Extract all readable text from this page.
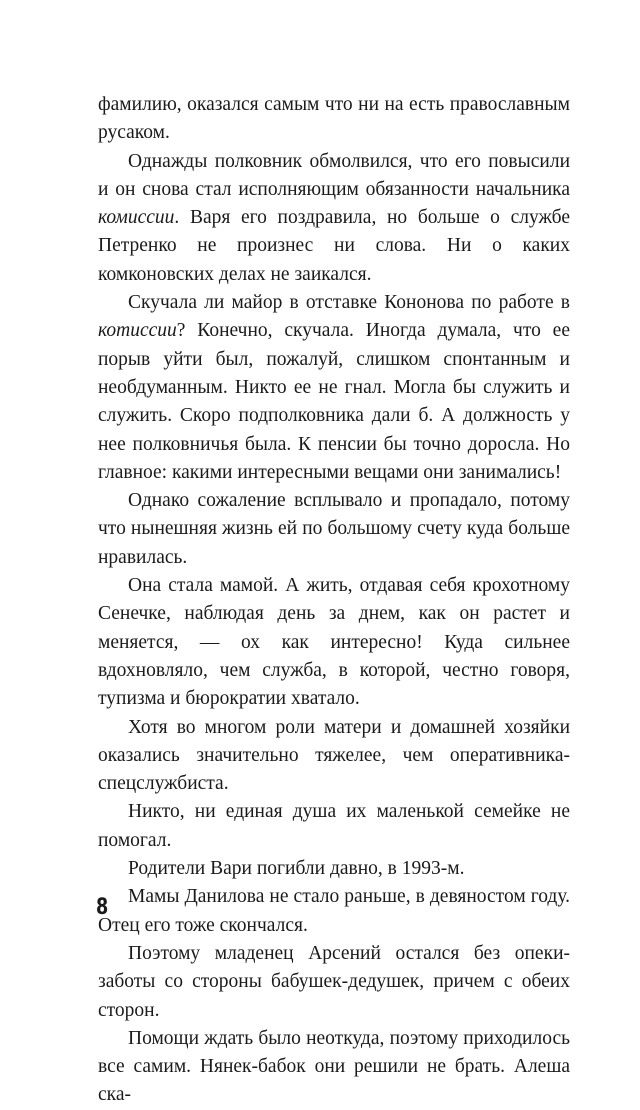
фамилию, оказался самым что ни на есть православным русаком.

Однажды полковник обмолвился, что его повысили и он снова стал исполняющим обязанности начальника комиссии. Варя его поздравила, но больше о службе Петренко не произнес ни слова. Ни о каких комконовских делах не заикался.

Скучала ли майор в отставке Кононова по работе в коmиссии? Конечно, скучала. Иногда думала, что ее порыв уйти был, пожалуй, слишком спонтанным и необдуманным. Никто ее не гнал. Могла бы служить и служить. Скоро подполковника дали б. А должность у нее полковничья была. К пенсии бы точно доросла. Но главное: какими интересными вещами они занимались!

Однако сожаление всплывало и пропадало, потому что нынешняя жизнь ей по большому счету куда больше нравилась.

Она стала мамой. А жить, отдавая себя крохотному Сенечке, наблюдая день за днем, как он растет и меняется, — ох как интересно! Куда сильнее вдохновляло, чем служба, в которой, честно говоря, тупизма и бюрократии хватало.

Хотя во многом роли матери и домашней хозяйки оказались значительно тяжелее, чем оперативника-спецслужбиста.

Никто, ни единая душа их маленькой семейке не помогал.

Родители Вари погибли давно, в 1993-м.

Мамы Данилова не стало раньше, в девяностом году. Отец его тоже скончался.

Поэтому младенец Арсений остался без опеки-заботы со стороны бабушек-дедушек, причем с обеих сторон.

Помощи ждать было неоткуда, поэтому приходилось все самим. Нянек-бабок они решили не брать. Алеша ска-

8
